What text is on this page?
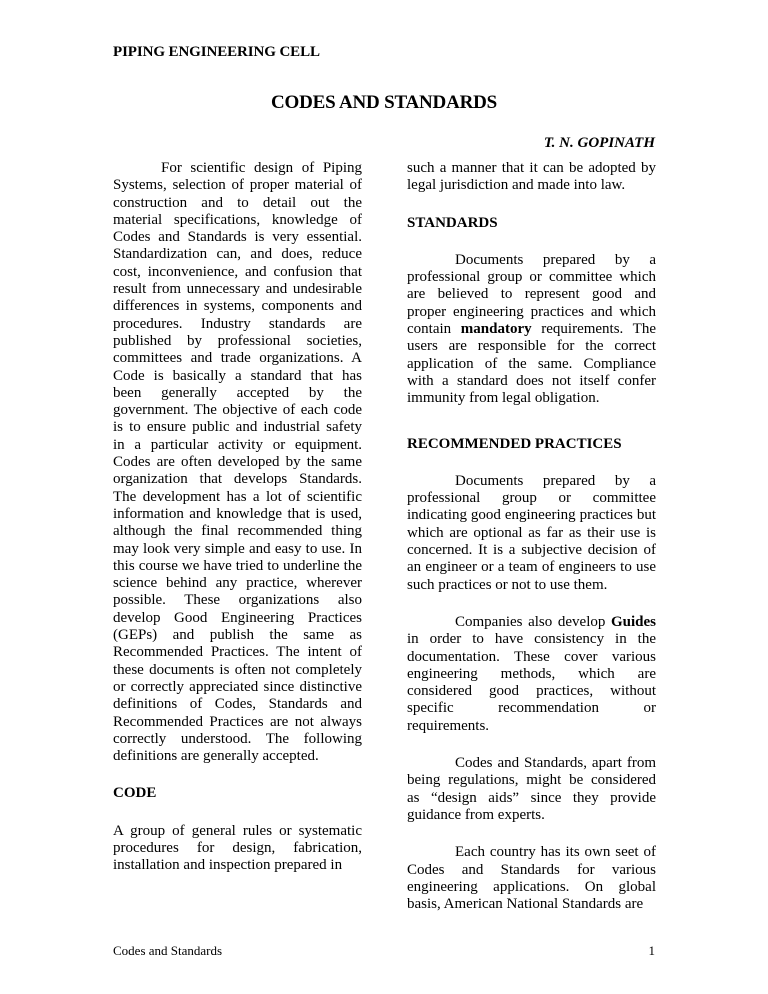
PIPING ENGINEERING CELL
CODES AND STANDARDS
T. N. GOPINATH

For scientific design of Piping Systems, selection of proper material of construction and to detail out the material specifications, knowledge of Codes and Standards is very essential. Standardization can, and does, reduce cost, inconvenience, and confusion that result from unnecessary and undesirable differences in systems, components and procedures. Industry standards are published by professional societies, committees and trade organizations. A Code is basically a standard that has been generally accepted by the government. The objective of each code is to ensure public and industrial safety in a particular activity or equipment. Codes are often developed by the same organization that develops Standards. The development has a lot of scientific information and knowledge that is used, although the final recommended thing may look very simple and easy to use. In this course we have tried to underline the science behind any practice, wherever possible. These organizations also develop Good Engineering Practices (GEPs) and publish the same as Recommended Practices. The intent of these documents is often not completely or correctly appreciated since distinctive definitions of Codes, Standards and Recommended Practices are not always correctly understood. The following definitions are generally accepted.

CODE

A group of general rules or systematic procedures for design, fabrication, installation and inspection prepared in

such a manner that it can be adopted by legal jurisdiction and made into law.

STANDARDS

Documents prepared by a professional group or committee which are believed to represent good and proper engineering practices and which contain mandatory requirements. The users are responsible for the correct application of the same. Compliance with a standard does not itself confer immunity from legal obligation.

RECOMMENDED PRACTICES

Documents prepared by a professional group or committee indicating good engineering practices but which are optional as far as their use is concerned. It is a subjective decision of an engineer or a team of engineers to use such practices or not to use them.

Companies also develop Guides in order to have consistency in the documentation. These cover various engineering methods, which are considered good practices, without specific recommendation or requirements.

Codes and Standards, apart from being regulations, might be considered as “design aids” since they provide guidance from experts.

Each country has its own seet of Codes and Standards for various engineering applications. On global basis, American National Standards are

Codes and Standards	1
